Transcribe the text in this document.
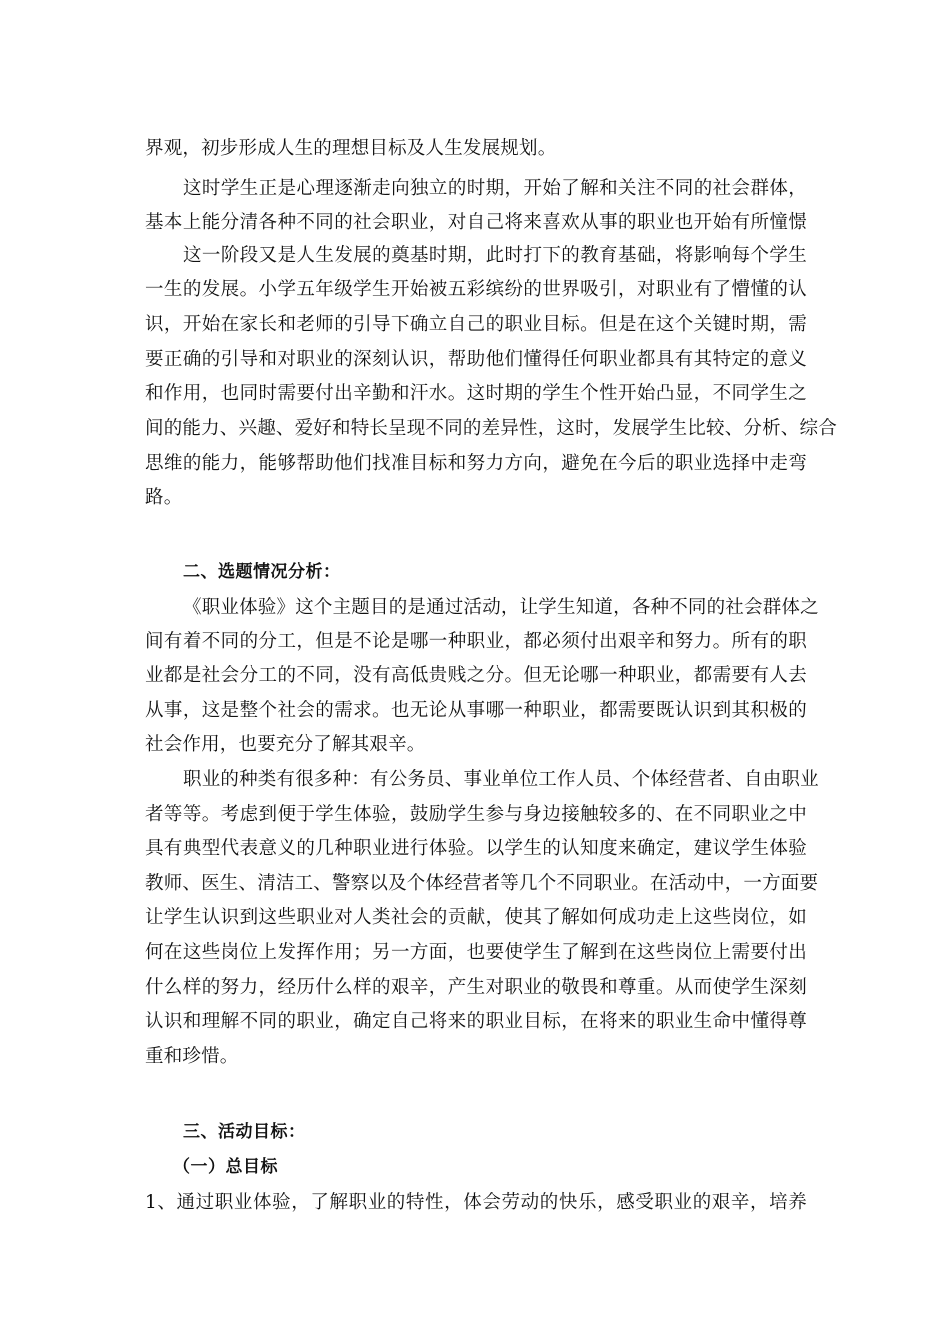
界观，初步形成人生的理想目标及人生发展规划。
这时学生正是心理逐渐走向独立的时期，开始了解和关注不同的社会群体，
基本上能分清各种不同的社会职业，对自己将来喜欢从事的职业也开始有所憧憬
这一阶段又是人生发展的奠基时期，此时打下的教育基础，将影响每个学生
一生的发展。小学五年级学生开始被五彩缤纷的世界吸引，对职业有了懵懂的认
识，开始在家长和老师的引导下确立自己的职业目标。但是在这个关键时期，需
要正确的引导和对职业的深刻认识，帮助他们懂得任何职业都具有其特定的意义
和作用，也同时需要付出辛勤和汗水。这时期的学生个性开始凸显，不同学生之
间的能力、兴趣、爱好和特长呈现不同的差异性，这时，发展学生比较、分析、综合
思维的能力，能够帮助他们找准目标和努力方向，避免在今后的职业选择中走弯
路。
二、选题情况分析：
《职业体验》这个主题目的是通过活动，让学生知道，各种不同的社会群体之
间有着不同的分工，但是不论是哪一种职业，都必须付出艰辛和努力。所有的职
业都是社会分工的不同，没有高低贵贱之分。但无论哪一种职业，都需要有人去
从事，这是整个社会的需求。也无论从事哪一种职业，都需要既认识到其积极的
社会作用，也要充分了解其艰辛。
职业的种类有很多种：有公务员、事业单位工作人员、个体经营者、自由职业
者等等。考虑到便于学生体验，鼓励学生参与身边接触较多的、在不同职业之中
具有典型代表意义的几种职业进行体验。以学生的认知度来确定，建议学生体验
教师、医生、清洁工、警察以及个体经营者等几个不同职业。在活动中，一方面要
让学生认识到这些职业对人类社会的贡献，使其了解如何成功走上这些岗位，如
何在这些岗位上发挥作用；另一方面，也要使学生了解到在这些岗位上需要付出
什么样的努力，经历什么样的艰辛，产生对职业的敬畏和尊重。从而使学生深刻
认识和理解不同的职业，确定自己将来的职业目标，在将来的职业生命中懂得尊
重和珍惜。
三、活动目标：
（一）总目标
1、通过职业体验，了解职业的特性，体会劳动的快乐，感受职业的艰辛，培养
